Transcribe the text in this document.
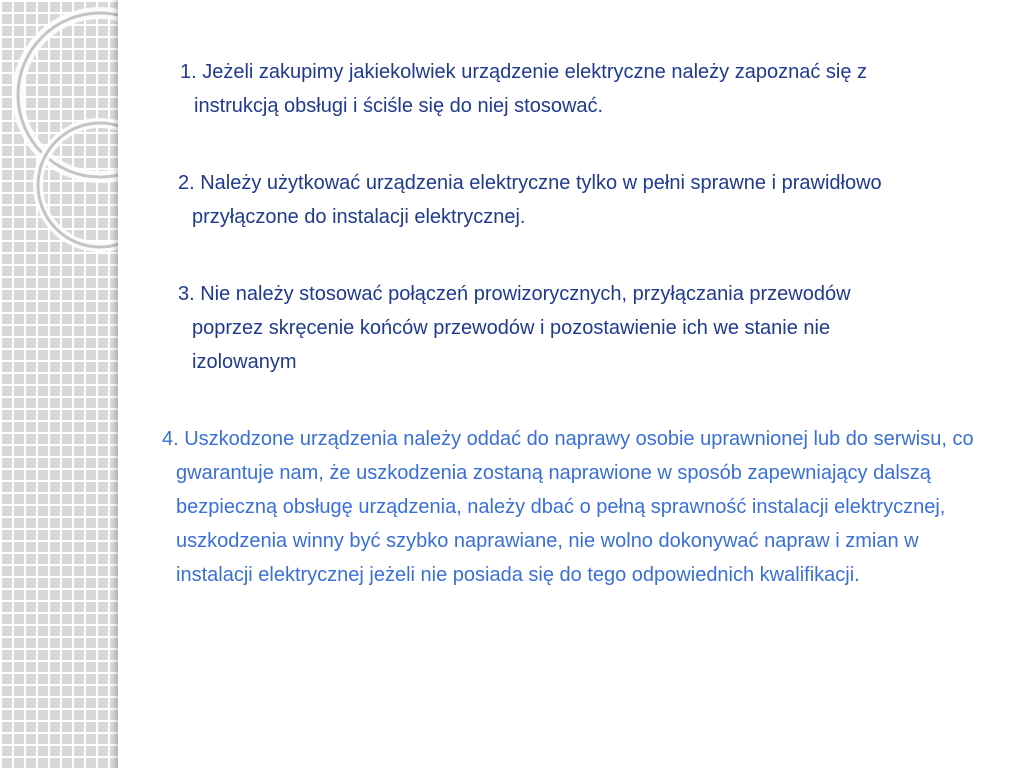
1. Jeżeli zakupimy jakiekolwiek urządzenie elektryczne należy zapoznać się z instrukcją obsługi i ściśle się do niej stosować.

2. Należy użytkować urządzenia elektryczne tylko w pełni sprawne i prawidłowo przyłączone do instalacji elektrycznej.

3. Nie należy stosować połączeń prowizorycznych, przyłączania przewodów poprzez skręcenie końców przewodów i pozostawienie ich we stanie nie izolowanym

4. Uszkodzone urządzenia należy oddać do naprawy osobie uprawnionej lub do serwisu, co gwarantuje nam, że uszkodzenia zostaną naprawione w sposób zapewniający dalszą bezpieczną obsługę urządzenia, należy dbać o pełną sprawność instalacji elektrycznej, uszkodzenia winny być szybko naprawiane, nie wolno dokonywać napraw i zmian w instalacji elektrycznej jeżeli nie posiada się do tego odpowiednich kwalifikacji.
